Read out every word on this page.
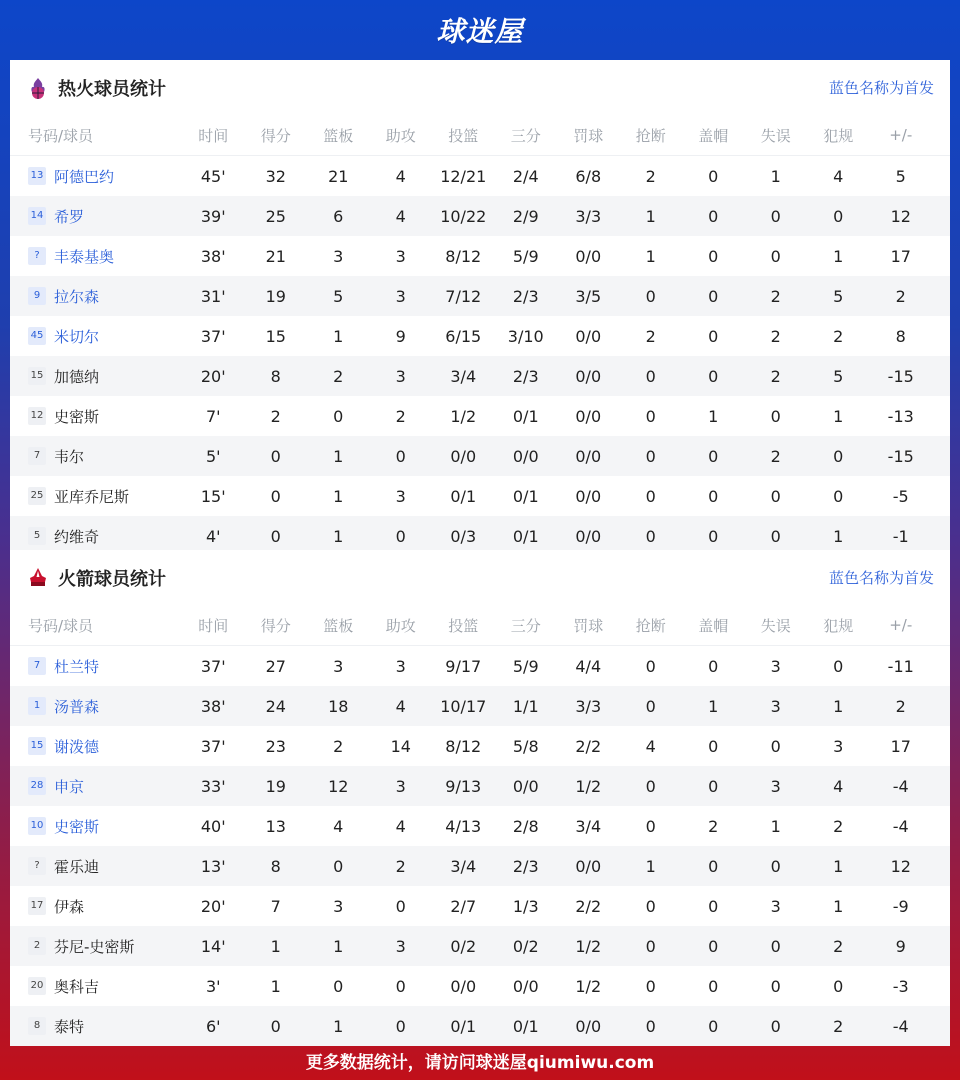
球迷屋
热火球员统计	蓝色名称为首发
号码/球员	时间	得分	篮板	助攻	投篮	三分	罚球	抢断	盖帽	失误	犯规	+/-
13 阿德巴约	45'	32	21	4	12/21	2/4	6/8	2	0	1	4	5
14 希罗	39'	25	6	4	10/22	2/9	3/3	1	0	0	0	12
? 丰泰基奥	38'	21	3	3	8/12	5/9	0/0	1	0	0	1	17
9 拉尔森	31'	19	5	3	7/12	2/3	3/5	0	0	2	5	2
45 米切尔	37'	15	1	9	6/15	3/10	0/0	2	0	2	2	8
15 加德纳	20'	8	2	3	3/4	2/3	0/0	0	0	2	5	-15
12 史密斯	7'	2	0	2	1/2	0/1	0/0	0	1	0	1	-13
7 韦尔	5'	0	1	0	0/0	0/0	0/0	0	0	2	0	-15
25 亚库乔尼斯	15'	0	1	3	0/1	0/1	0/0	0	0	0	0	-5
5 约维奇	4'	0	1	0	0/3	0/1	0/0	0	0	0	1	-1
火箭球员统计	蓝色名称为首发
号码/球员	时间	得分	篮板	助攻	投篮	三分	罚球	抢断	盖帽	失误	犯规	+/-
7 杜兰特	37'	27	3	3	9/17	5/9	4/4	0	0	3	0	-11
1 汤普森	38'	24	18	4	10/17	1/1	3/3	0	1	3	1	2
15 谢泼德	37'	23	2	14	8/12	5/8	2/2	4	0	0	3	17
28 申京	33'	19	12	3	9/13	0/0	1/2	0	0	3	4	-4
10 史密斯	40'	13	4	4	4/13	2/8	3/4	0	2	1	2	-4
? 霍乐迪	13'	8	0	2	3/4	2/3	0/0	1	0	0	1	12
17 伊森	20'	7	3	0	2/7	1/3	2/2	0	0	3	1	-9
2 芬尼-史密斯	14'	1	1	3	0/2	0/2	1/2	0	0	0	2	9
20 奥科吉	3'	1	0	0	0/0	0/0	1/2	0	0	0	0	-3
8 泰特	6'	0	1	0	0/1	0/1	0/0	0	0	0	2	-4
更多数据统计，请访问球迷屋qiumiwu.com
